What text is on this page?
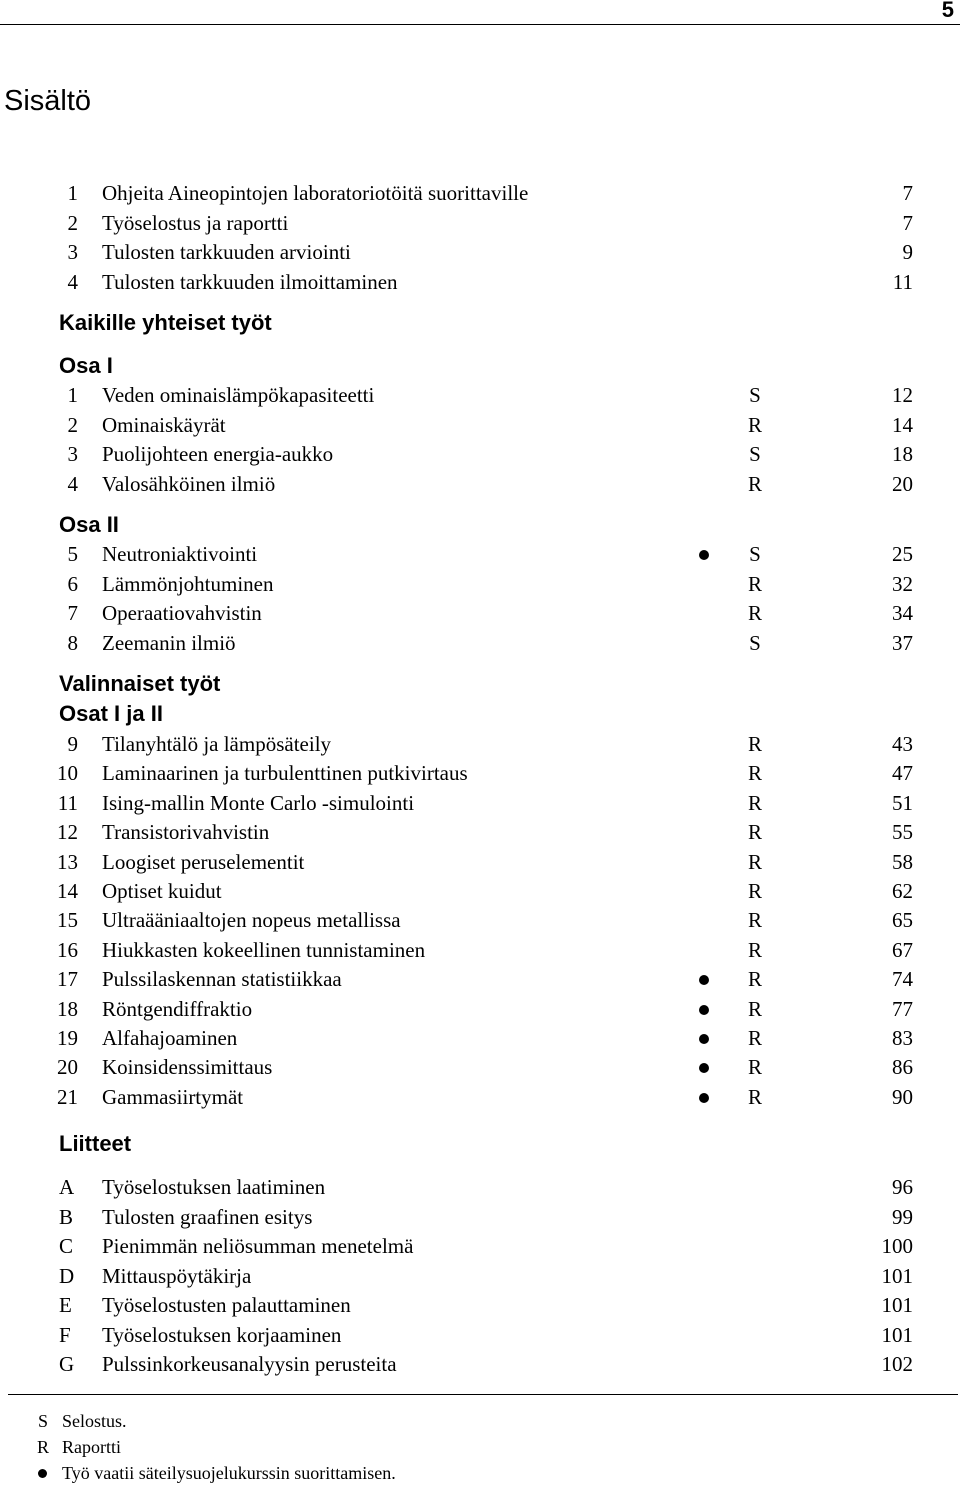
5
Sisältö
Kaikille yhteiset työt
Osa I
Osa II
Valinnaiset työt
Osat I ja II
Liitteet
1 Ohjeita Aineopintojen laboratoriotöitä suorittaville	7
2 Työselostus ja raportti	7
3 Tulosten tarkkuuden arviointi	9
4 Tulosten tarkkuuden ilmoittaminen	11
1 Veden ominaislämpökapasiteetti	S	12
2 Ominaiskäyrät	R	14
3 Puolijohteen energia-aukko	S	18
4 Valosähköinen ilmiö	R	20
5 Neutroniaktivointi	S	25
6 Lämmönjohtuminen	R	32
7 Operaatiovahvistin	R	34
8 Zeemanin ilmiö	S	37
9 Tilanyhtälö ja lämpösäteily	R	43
10 Laminaarinen ja turbulenttinen putkivirtaus	R	47
11 Ising-mallin Monte Carlo -simulointi	R	51
12 Transistorivahvistin	R	55
13 Loogiset peruselementit	R	58
14 Optiset kuidut	R	62
15 Ultraääniaaltojen nopeus metallissa	R	65
16 Hiukkasten kokeellinen tunnistaminen	R	67
17 Pulssilaskennan statistiikkaa	R	74
18 Röntgendiffraktio	R	77
19 Alfahajoaminen	R	83
20 Koinsidenssimittaus	R	86
21 Gammasiirtymät	R	90
A Työselostuksen laatiminen	96
B Tulosten graafinen esitys	99
C Pienimmän neliösumman menetelmä	100
D Mittauspöytäkirja	101
E Työselostusten palauttaminen	101
F Työselostuksen korjaaminen	101
G Pulssinkorkeusanalyysin perusteita	102
S Selostus.
R Raportti
Työ vaatii säteilysuojelukurssin suorittamisen.
